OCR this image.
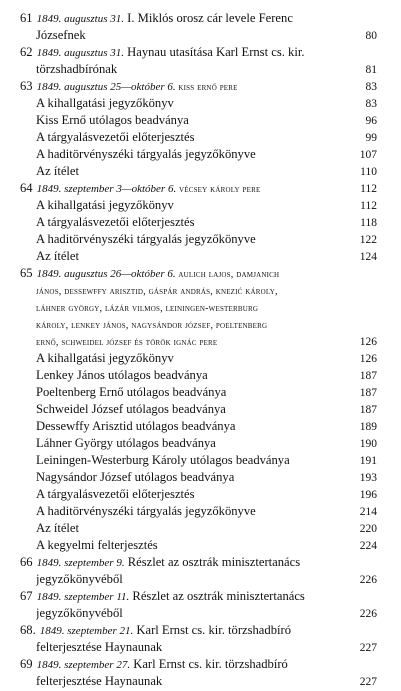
61 1849. augusztus 31. I. Miklós orosz cár levele Ferenc
Józsefnek	80
62 1849. augusztus 31. Haynau utasítása Karl Ernst cs. kir.
törzshadbírónak	81
63 1849. augusztus 25—október 6. kiss ernő pere	83
A kihallgatási jegyzőkönyv	83
Kiss Ernő utólagos beadványa	96
A tárgyalásvezetői előterjesztés	99
A haditörvényszéki tárgyalás jegyzőkönyve	107
Az ítélet	110
64 1849. szeptember 3—október 6. vécsey károly pere	112
A kihallgatási jegyzőkönyv	112
A tárgyalásvezetői előterjesztés	118
A haditörvényszéki tárgyalás jegyzőkönyve	122
Az ítélet	124
65 1849. augusztus 26—október 6. aulich lajos, damjanich
jános, dessewffy arisztid, gáspár andrás, knezić károly,
láhner györgy, lázár vilmos, leiningen-westerburg
károly, lenkey jános, nagysándor józsef, poeltenberg
ernő, schweidel józsef és török ignác pere	126
A kihallgatási jegyzőkönyv	126
Lenkey János utólagos beadványa	187
Poeltenberg Ernő utólagos beadványa	187
Schweidel József utólagos beadványa	187
Dessewffy Arisztid utólagos beadványa	189
Láhner György utólagos beadványa	190
Leiningen-Westerburg Károly utólagos beadványa	191
Nagysándor József utólagos beadványa	193
A tárgyalásvezetői előterjesztés	196
A haditörvényszéki tárgyalás jegyzőkönyve	214
Az ítélet	220
A kegyelmi felterjesztés	224
66 1849. szeptember 9. Részlet az osztrák minisztertanács
jegyzőkönyvéből	226
67 1849. szeptember 11. Részlet az osztrák minisztertanács
jegyzőkönyvéből	226
68. 1849. szeptember 21. Karl Ernst cs. kir. törzshadbíró
felterjesztése Haynaunak	227
69 1849. szeptember 27. Karl Ernst cs. kir. törzshadbíró
felterjesztése Haynaunak	227
